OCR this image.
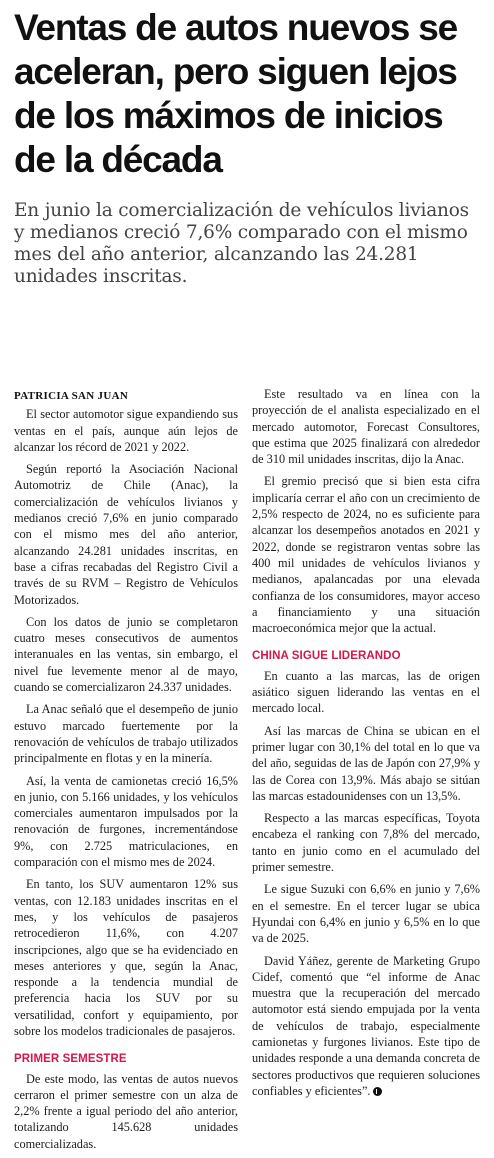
Ventas de autos nuevos se aceleran, pero siguen lejos de los máximos de inicios de la década

En junio la comercialización de vehículos livianos y medianos creció 7,6% comparado con el mismo mes del año anterior, alcanzando las 24.281 unidades inscritas.

PATRICIA SAN JUAN

El sector automotor sigue expandiendo sus ventas en el país, aunque aún lejos de alcanzar los récord de 2021 y 2022.

Según reportó la Asociación Nacional Automotriz de Chile (Anac), la comercialización de vehículos livianos y medianos creció 7,6% en junio comparado con el mismo mes del año anterior, alcanzando 24.281 unidades inscritas, en base a cifras recabadas del Registro Civil a través de su RVM – Registro de Vehículos Motorizados.

Con los datos de junio se completaron cuatro meses consecutivos de aumentos interanuales en las ventas, sin embargo, el nivel fue levemente menor al de mayo, cuando se comercializaron 24.337 unidades.

La Anac señaló que el desempeño de junio estuvo marcado fuertemente por la renovación de vehículos de trabajo utilizados principalmente en flotas y en la minería.

Así, la venta de camionetas creció 16,5% en junio, con 5.166 unidades, y los vehículos comerciales aumentaron impulsados por la renovación de furgones, incrementándose 9%, con 2.725 matriculaciones, en comparación con el mismo mes de 2024.

En tanto, los SUV aumentaron 12% sus ventas, con 12.183 unidades inscritas en el mes, y los vehículos de pasajeros retrocedieron 11,6%, con 4.207 inscripciones, algo que se ha evidenciado en meses anteriores y que, según la Anac, responde a la tendencia mundial de preferencia hacia los SUV por su versatilidad, confort y equipamiento, por sobre los modelos tradicionales de pasajeros.

PRIMER SEMESTRE

De este modo, las ventas de autos nuevos cerraron el primer semestre con un alza de 2,2% frente a igual periodo del año anterior, totalizando 145.628 unidades comercializadas.

Este resultado va en línea con la proyección de el analista especializado en el mercado automotor, Forecast Consultores, que estima que 2025 finalizará con alrededor de 310 mil unidades inscritas, dijo la Anac.

El gremio precisó que si bien esta cifra implicaría cerrar el año con un crecimiento de 2,5% respecto de 2024, no es suficiente para alcanzar los desempeños anotados en 2021 y 2022, donde se registraron ventas sobre las 400 mil unidades de vehículos livianos y medianos, apalancadas por una elevada confianza de los consumidores, mayor acceso a financiamiento y una situación macroeconómica mejor que la actual.

CHINA SIGUE LIDERANDO

En cuanto a las marcas, las de origen asiático siguen liderando las ventas en el mercado local.

Así las marcas de China se ubican en el primer lugar con 30,1% del total en lo que va del año, seguidas de las de Japón con 27,9% y las de Corea con 13,9%. Más abajo se sitúan las marcas estadounidenses con un 13,5%.

Respecto a las marcas específicas, Toyota encabeza el ranking con 7,8% del mercado, tanto en junio como en el acumulado del primer semestre.

Le sigue Suzuki con 6,6% en junio y 7,6% en el semestre. En el tercer lugar se ubica Hyundai con 6,4% en junio y 6,5% en lo que va de 2025.

David Yáñez, gerente de Marketing Grupo Cidef, comentó que “el informe de Anac muestra que la recuperación del mercado automotor está siendo empujada por la venta de vehículos de trabajo, especialmente camionetas y furgones livianos. Este tipo de unidades responde a una demanda concreta de sectores productivos que requieren soluciones confiables y eficientes”.
